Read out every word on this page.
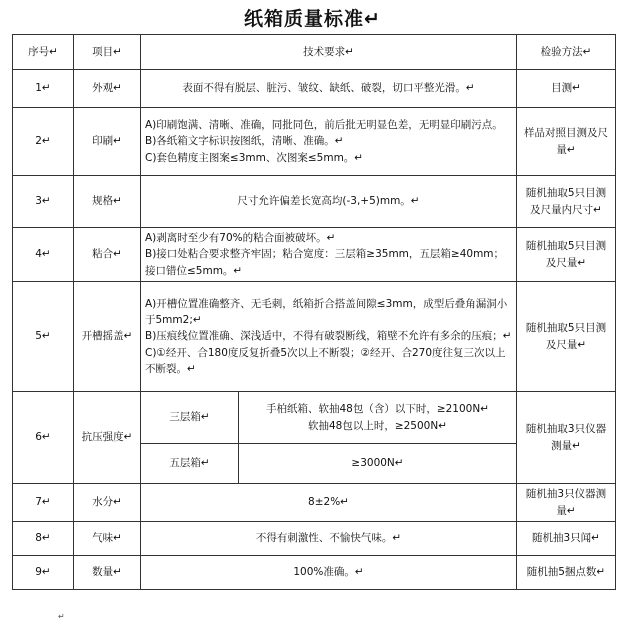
纸箱质量标准↵
序号↵	项目↵	技术要求↵		检验方法↵
1↵	外观↵	表面不得有脱层、脏污、皱纹、缺纸、破裂，切口平整光滑。↵		目测↵
2↵	印刷↵	A)印刷饱满、清晰、准确，同批同色，前后批无明显色差，无明显印刷污点。
B)各纸箱文字标识按图纸，清晰、准确。↵
C)套色精度主图案≤3mm、次图案≤5mm。↵		样品对照目测及尺量↵
3↵	规格↵	尺寸允许偏差长宽高均(-3,+5)mm。↵		随机抽取5只目测及尺量内尺寸↵
4↵	粘合↵	A)剥离时至少有70%的粘合面被破坏。↵
B)接口处粘合要求整齐牢固；粘合宽度：三层箱≥35mm，五层箱≥40mm；接口错位≤5mm。↵		随机抽取5只目测及尺量↵
5↵	开槽摇盖↵	A)开槽位置准确整齐、无毛刺，纸箱折合搭盖间隙≤3mm，成型后叠角漏洞小于5mm2;↵
B)压痕线位置准确、深浅适中，不得有破裂断线，箱壁不允许有多余的压痕；↵
C)①经开、合180度反复折叠5次以上不断裂；②经开、合270度往复三次以上不断裂。↵		随机抽取5只目测及尺量↵
6↵	抗压强度↵	三层箱↵	手柏纸箱、软抽48包（含）以下时，≥2100N↵
软抽48包以上时，≥2500N↵	随机抽取3只仪器测量↵
		五层箱↵	≥3000N↵	
7↵	水分↵	8±2%↵		随机抽3只仪器测量↵
8↵	气味↵	不得有刺激性、不愉快气味。↵		随机抽3只闻↵
9↵	数量↵	100%准确。↵		随机抽5捆点数↵
↵
